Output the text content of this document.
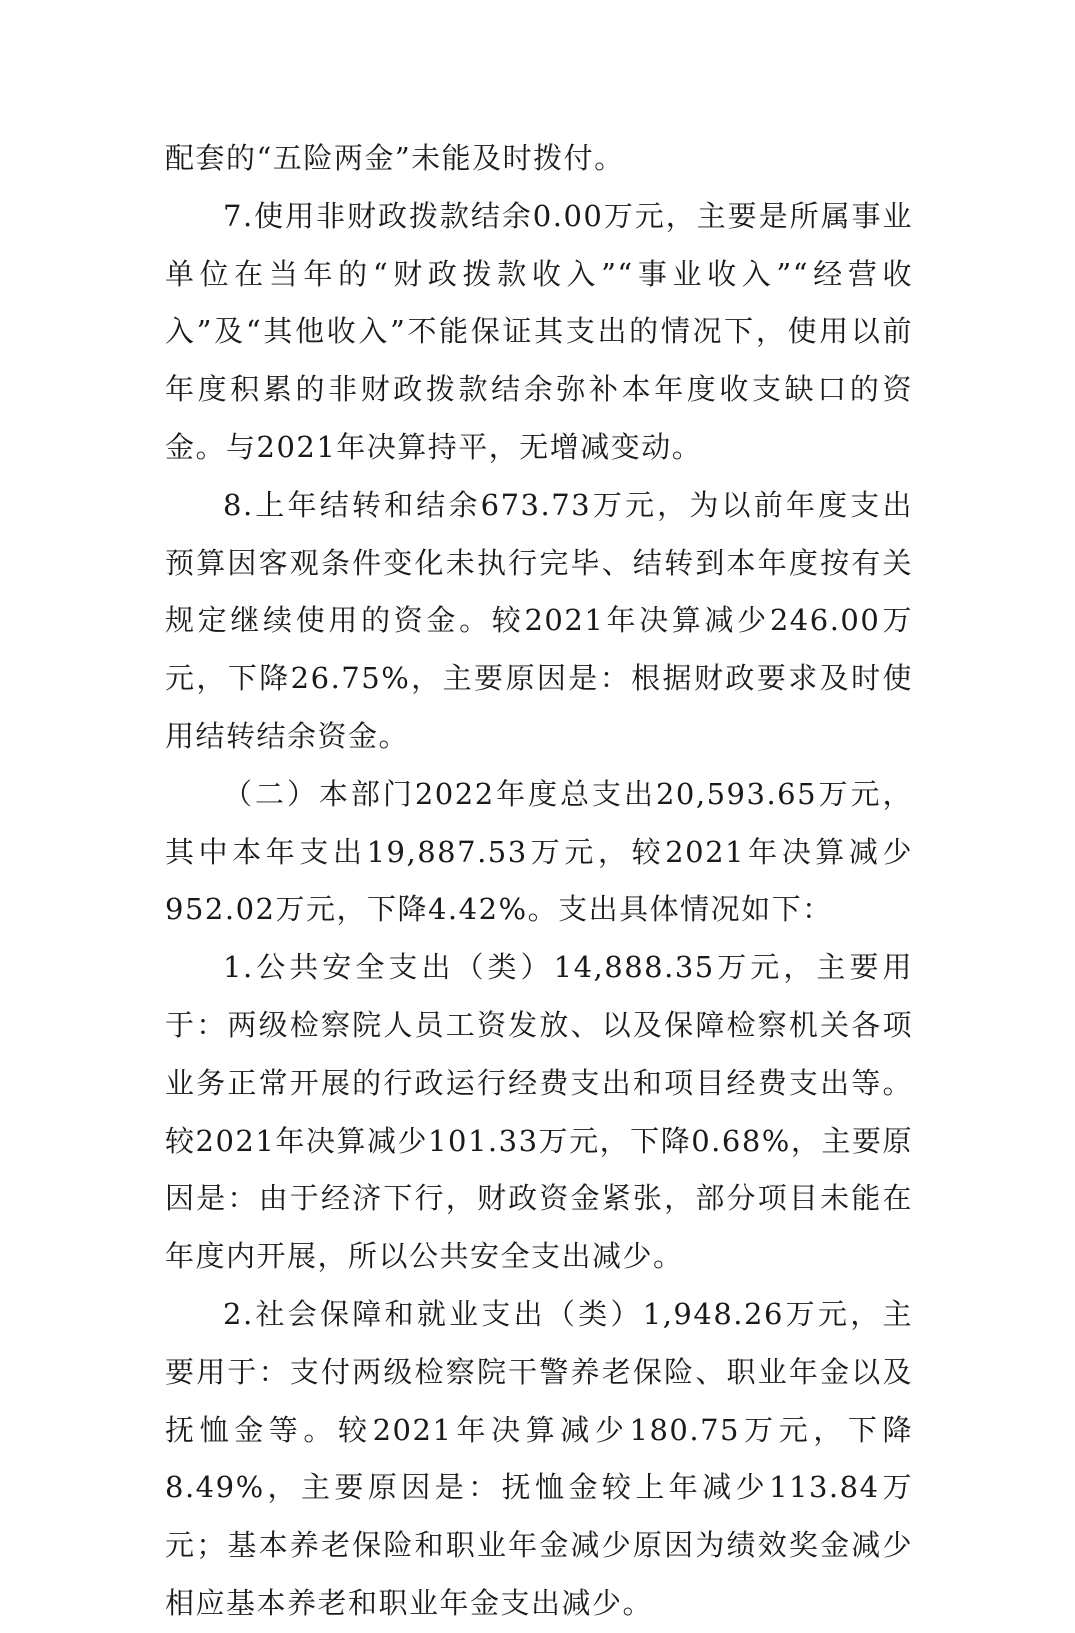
配套的“五险两金”未能及时拨付。

7.使用非财政拨款结余0.00万元，主要是所属事业单位在当年的“财政拨款收入”“事业收入”“经营收入”及“其他收入”不能保证其支出的情况下，使用以前年度积累的非财政拨款结余弥补本年度收支缺口的资金。与2021年决算持平，无增减变动。

8.上年结转和结余673.73万元，为以前年度支出预算因客观条件变化未执行完毕、结转到本年度按有关规定继续使用的资金。较2021年决算减少246.00万元，下降26.75%，主要原因是：根据财政要求及时使用结转结余资金。

（二）本部门2022年度总支出20,593.65万元，其中本年支出19,887.53万元，较2021年决算减少952.02万元，下降4.42%。支出具体情况如下：

1.公共安全支出（类）14,888.35万元，主要用于：两级检察院人员工资发放、以及保障检察机关各项业务正常开展的行政运行经费支出和项目经费支出等。较2021年决算减少101.33万元，下降0.68%，主要原因是：由于经济下行，财政资金紧张，部分项目未能在年度内开展，所以公共安全支出减少。

2.社会保障和就业支出（类）1,948.26万元，主要用于：支付两级检察院干警养老保险、职业年金以及抚恤金等。较2021年决算减少180.75万元，下降8.49%，主要原因是：抚恤金较上年减少113.84万元；基本养老保险和职业年金减少原因为绩效奖金减少相应基本养老和职业年金支出减少。
